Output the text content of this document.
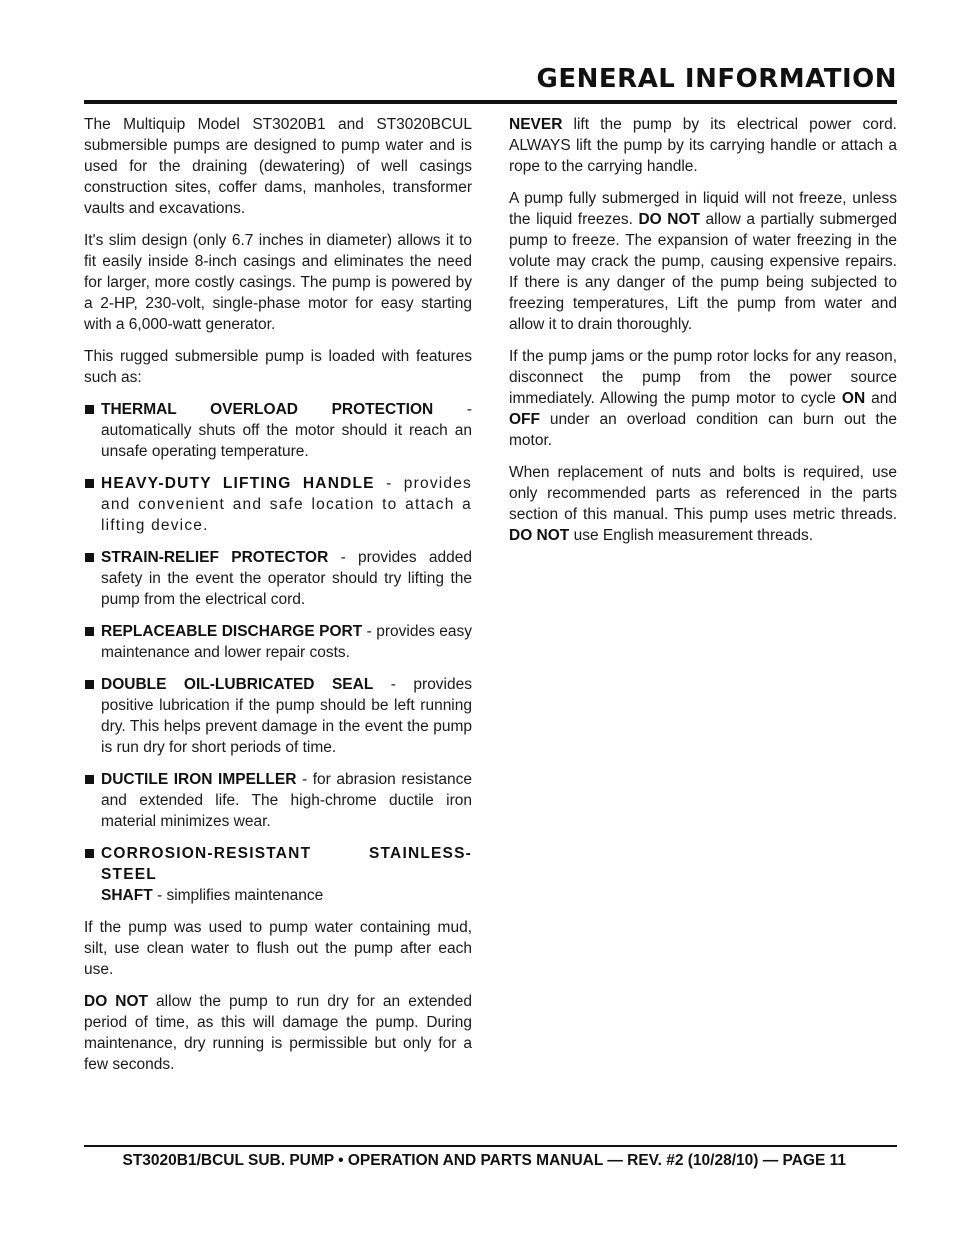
GENERAL INFORMATION

The Multiquip Model ST3020B1 and ST3020BCUL submersible pumps are designed to pump water and is used for the draining (dewatering) of well casings construction sites, coffer dams, manholes, transformer vaults and excavations.

It's slim design (only 6.7 inches in diameter) allows it to fit easily inside 8-inch casings and eliminates the need for larger, more costly casings. The pump is powered by a 2-HP, 230-volt, single-phase motor for easy starting with a 6,000-watt generator.

This rugged submersible pump is loaded with features such as:

THERMAL OVERLOAD PROTECTION - automatically shuts off the motor should it reach an unsafe operating temperature.
HEAVY-DUTY LIFTING HANDLE - provides and convenient and safe location to attach a lifting device.
STRAIN-RELIEF PROTECTOR - provides added safety in the event the operator should try lifting the pump from the electrical cord.
REPLACEABLE DISCHARGE PORT - provides easy maintenance and lower repair costs.
DOUBLE OIL-LUBRICATED SEAL - provides positive lubrication if the pump should be left running dry. This helps prevent damage in the event the pump is run dry for short periods of time.
DUCTILE IRON IMPELLER - for abrasion resistance and extended life. The high-chrome ductile iron material minimizes wear.
CORROSION-RESISTANT STAINLESS-STEEL
SHAFT - simplifies maintenance

If the pump was used to pump water containing mud, silt, use clean water to flush out the pump after each use.

DO NOT allow the pump to run dry for an extended period of time, as this will damage the pump. During maintenance, dry running is permissible but only for a few seconds.

NEVER lift the pump by its electrical power cord. ALWAYS lift the pump by its carrying handle or attach a rope to the carrying handle.

A pump fully submerged in liquid will not freeze, unless the liquid freezes. DO NOT allow a partially submerged pump to freeze. The expansion of water freezing in the volute may crack the pump, causing expensive repairs. If there is any danger of the pump being subjected to freezing temperatures, Lift the pump from water and allow it to drain thoroughly.

If the pump jams or the pump rotor locks for any reason, disconnect the pump from the power source immediately. Allowing the pump motor to cycle ON and OFF under an overload condition can burn out the motor.

When replacement of nuts and bolts is required, use only recommended parts as referenced in the parts section of this manual. This pump uses metric threads. DO NOT use English measurement threads.

ST3020B1/BCUL SUB. PUMP • OPERATION AND PARTS MANUAL — REV. #2 (10/28/10) — PAGE 11
